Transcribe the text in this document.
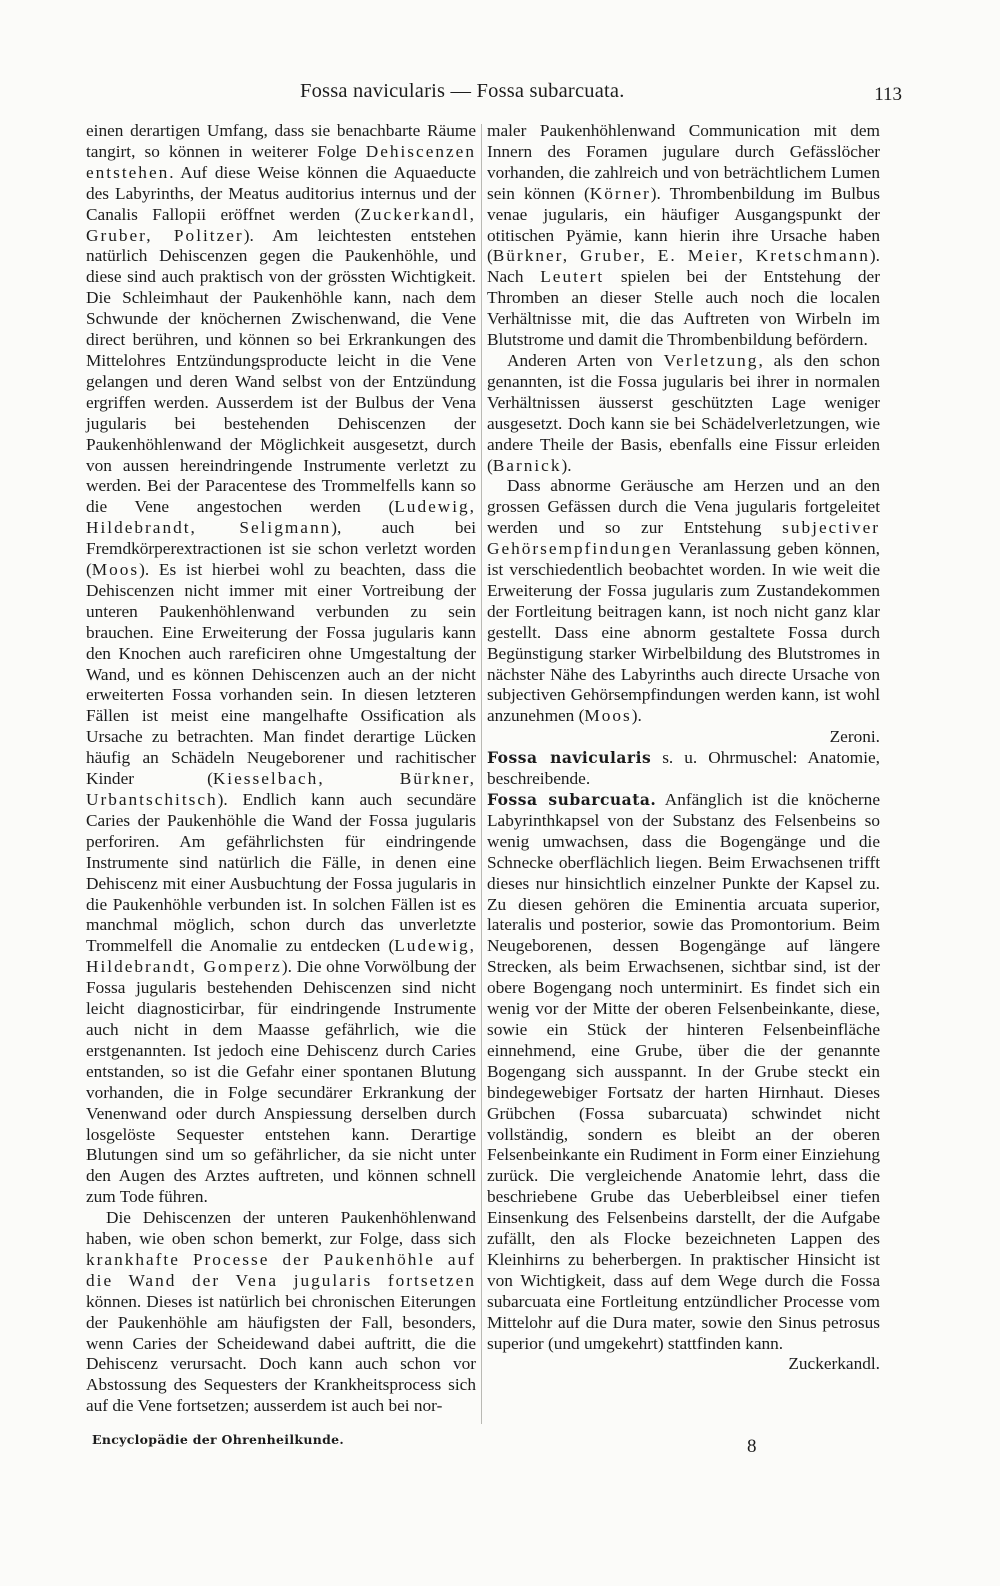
Fossa navicularis — Fossa subarcuata.	113

einen derartigen Umfang, dass sie benachbarte Räume tangirt, so können in weiterer Folge Dehiscenzen entstehen. Auf diese Weise können die Aquaeducte des Labyrinths, der Meatus auditorius internus und der Canalis Fallopii eröffnet werden (Zuckerkandl, Gruber, Politzer). Am leichtesten entstehen natürlich Dehiscenzen gegen die Paukenhöhle, und diese sind auch praktisch von der grössten Wichtigkeit. Die Schleimhaut der Paukenhöhle kann, nach dem Schwunde der knöchernen Zwischenwand, die Vene direct berühren, und können so bei Erkrankungen des Mittelohres Entzündungsproducte leicht in die Vene gelangen und deren Wand selbst von der Entzündung ergriffen werden. Ausserdem ist der Bulbus der Vena jugularis bei bestehenden Dehiscenzen der Paukenhöhlenwand der Möglichkeit ausgesetzt, durch von aussen hereindringende Instrumente verletzt zu werden. Bei der Paracentese des Trommelfells kann so die Vene angestochen werden (Ludewig, Hildebrandt, Seligmann), auch bei Fremdkörperextractionen ist sie schon verletzt worden (Moos). Es ist hierbei wohl zu beachten, dass die Dehiscenzen nicht immer mit einer Vortreibung der unteren Paukenhöhlenwand verbunden zu sein brauchen. Eine Erweiterung der Fossa jugularis kann den Knochen auch rareficiren ohne Umgestaltung der Wand, und es können Dehiscenzen auch an der nicht erweiterten Fossa vorhanden sein. In diesen letzteren Fällen ist meist eine mangelhafte Ossification als Ursache zu betrachten. Man findet derartige Lücken häufig an Schädeln Neugeborener und rachitischer Kinder (Kiesselbach, Bürkner, Urbantschitsch). Endlich kann auch secundäre Caries der Paukenhöhle die Wand der Fossa jugularis perforiren. Am gefährlichsten für eindringende Instrumente sind natürlich die Fälle, in denen eine Dehiscenz mit einer Ausbuchtung der Fossa jugularis in die Paukenhöhle verbunden ist. In solchen Fällen ist es manchmal möglich, schon durch das unverletzte Trommelfell die Anomalie zu entdecken (Ludewig, Hildebrandt, Gomperz). Die ohne Vorwölbung der Fossa jugularis bestehenden Dehiscenzen sind nicht leicht diagnosticirbar, für eindringende Instrumente auch nicht in dem Maasse gefährlich, wie die erstgenannten. Ist jedoch eine Dehiscenz durch Caries entstanden, so ist die Gefahr einer spontanen Blutung vorhanden, die in Folge secundärer Erkrankung der Venenwand oder durch Anspiessung derselben durch losgelöste Sequester entstehen kann. Derartige Blutungen sind um so gefährlicher, da sie nicht unter den Augen des Arztes auftreten, und können schnell zum Tode führen.

Die Dehiscenzen der unteren Paukenhöhlenwand haben, wie oben schon bemerkt, zur Folge, dass sich krankhafte Processe der Paukenhöhle auf die Wand der Vena jugularis fortsetzen können. Dieses ist natürlich bei chronischen Eiterungen der Paukenhöhle am häufigsten der Fall, besonders, wenn Caries der Scheidewand dabei auftritt, die die Dehiscenz verursacht. Doch kann auch schon vor Abstossung des Sequesters der Krankheitsprocess sich auf die Vene fortsetzen; ausserdem ist auch bei nor-

maler Paukenhöhlenwand Communication mit dem Innern des Foramen jugulare durch Gefässlöcher vorhanden, die zahlreich und von beträchtlichem Lumen sein können (Körner). Thrombenbildung im Bulbus venae jugularis, ein häufiger Ausgangspunkt der otitischen Pyämie, kann hierin ihre Ursache haben (Bürkner, Gruber, E. Meier, Kretschmann). Nach Leutert spielen bei der Entstehung der Thromben an dieser Stelle auch noch die localen Verhältnisse mit, die das Auftreten von Wirbeln im Blutstrome und damit die Thrombenbildung befördern.

Anderen Arten von Verletzung, als den schon genannten, ist die Fossa jugularis bei ihrer in normalen Verhältnissen äusserst geschützten Lage weniger ausgesetzt. Doch kann sie bei Schädelverletzungen, wie andere Theile der Basis, ebenfalls eine Fissur erleiden (Barnick).

Dass abnorme Geräusche am Herzen und an den grossen Gefässen durch die Vena jugularis fortgeleitet werden und so zur Entstehung subjectiver Gehörsempfindungen Veranlassung geben können, ist verschiedentlich beobachtet worden. In wie weit die Erweiterung der Fossa jugularis zum Zustandekommen der Fortleitung beitragen kann, ist noch nicht ganz klar gestellt. Dass eine abnorm gestaltete Fossa durch Begünstigung starker Wirbelbildung des Blutstromes in nächster Nähe des Labyrinths auch directe Ursache von subjectiven Gehörsempfindungen werden kann, ist wohl anzunehmen (Moos).

Zeroni.

Fossa navicularis s. u. Ohrmuschel: Anatomie, beschreibende.

Fossa subarcuata. Anfänglich ist die knöcherne Labyrinthkapsel von der Substanz des Felsenbeins so wenig umwachsen, dass die Bogengänge und die Schnecke oberflächlich liegen. Beim Erwachsenen trifft dieses nur hinsichtlich einzelner Punkte der Kapsel zu. Zu diesen gehören die Eminentia arcuata superior, lateralis und posterior, sowie das Promontorium. Beim Neugeborenen, dessen Bogengänge auf längere Strecken, als beim Erwachsenen, sichtbar sind, ist der obere Bogengang noch unterminirt. Es findet sich ein wenig vor der Mitte der oberen Felsenbeinkante, diese, sowie ein Stück der hinteren Felsenbeinfläche einnehmend, eine Grube, über die der genannte Bogengang sich ausspannt. In der Grube steckt ein bindegewebiger Fortsatz der harten Hirnhaut. Dieses Grübchen (Fossa subarcuata) schwindet nicht vollständig, sondern es bleibt an der oberen Felsenbeinkante ein Rudiment in Form einer Einziehung zurück. Die vergleichende Anatomie lehrt, dass die beschriebene Grube das Ueberbleibsel einer tiefen Einsenkung des Felsenbeins darstellt, der die Aufgabe zufällt, den als Flocke bezeichneten Lappen des Kleinhirns zu beherbergen. In praktischer Hinsicht ist von Wichtigkeit, dass auf dem Wege durch die Fossa subarcuata eine Fortleitung entzündlicher Processe vom Mittelohr auf die Dura mater, sowie den Sinus petrosus superior (und umgekehrt) stattfinden kann.

Zuckerkandl.
Encyclopädie der Ohrenheilkunde.	8
